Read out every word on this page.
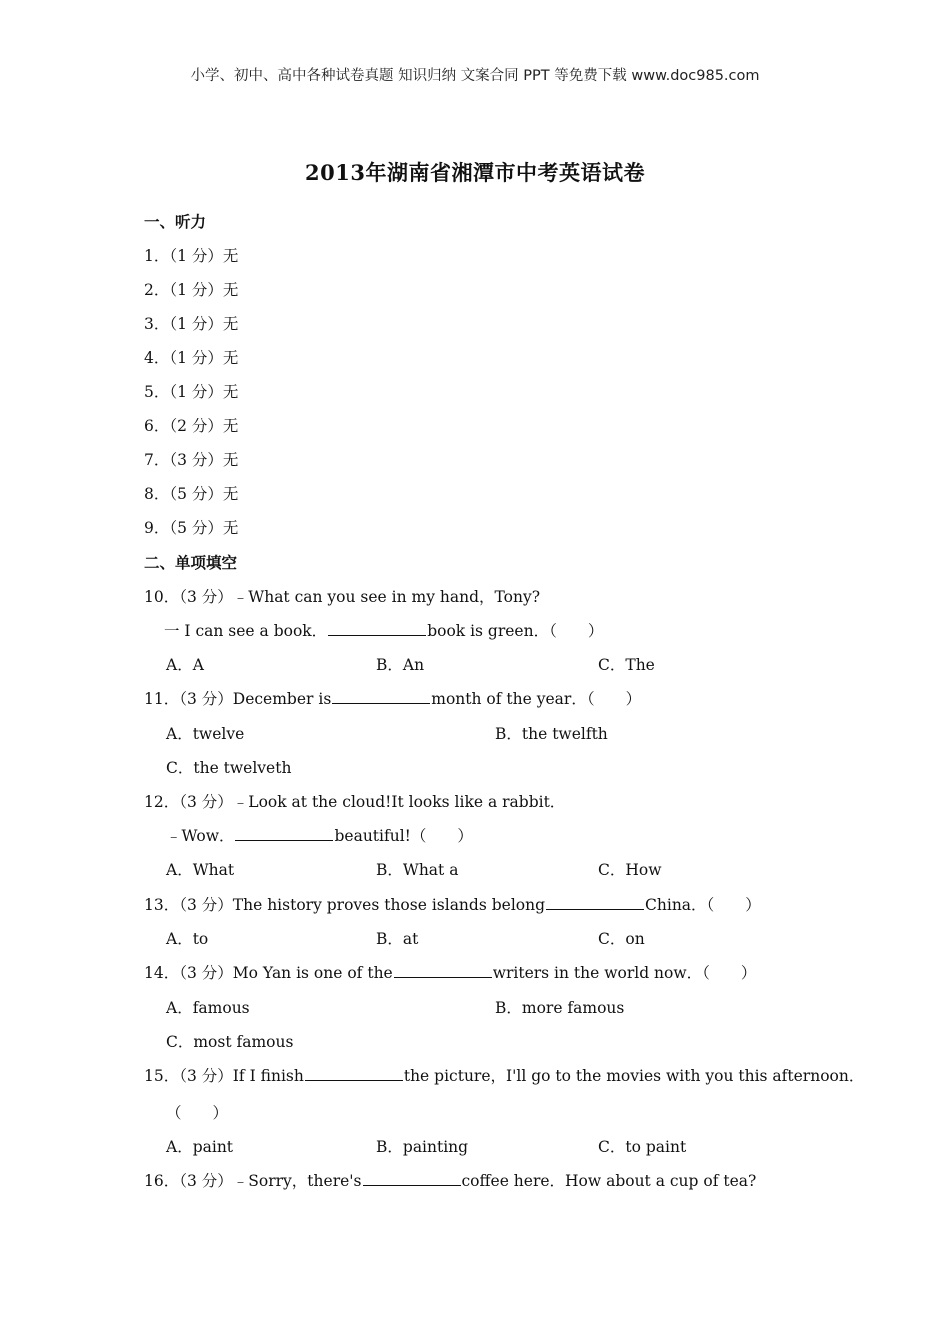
小学、初中、高中各种试卷真题 知识归纳 文案合同 PPT 等免费下载 www.doc985.com
2013年湖南省湘潭市中考英语试卷
一、听力
1．（1 分）无
2．（1 分）无
3．（1 分）无
4．（1 分）无
5．（1 分）无
6．（2 分）无
7．（3 分）无
8．（5 分）无
9．（5 分）无
二、单项填空
10．（3 分）﹣What can you see in my hand，Tony?
一 I can see a book．	book is green．（　　）
A．A	B．An	C．The
11．（3 分）December is	month of the year．（　　）
A．twelve	B．the twelfth
C．the twelveth
12．（3 分）﹣Look at the cloud!It looks like a rabbit．
﹣Wow．	beautiful!（　　）
A．What	B．What a	C．How
13．（3 分）The history proves those islands belong	China．（　　）
A．to	B．at	C．on
14．（3 分）Mo Yan is one of the	writers in the world now．（　　）
A．famous	B．more famous
C．most famous
15．（3 分）If I finish	the picture，I'll go to the movies with you this afternoon．
（　　）
A．paint	B．painting	C．to paint
16．（3 分）﹣Sorry，there's	coffee here．How about a cup of tea?
